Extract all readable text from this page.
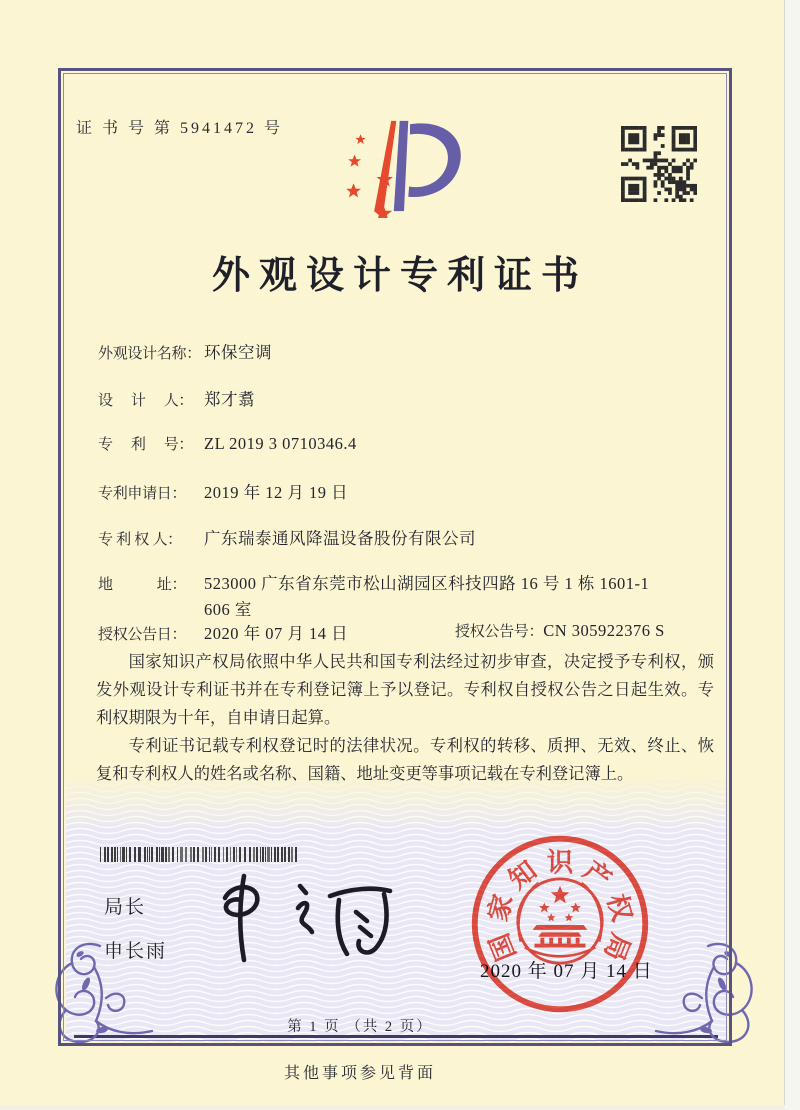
证 书 号 第 5941472 号
外观设计专利证书
外观设计名称： 环保空调
设　 计　 人： 郑才翥
专　 利　 号： ZL 2019 3 0710346.4
专利申请日： 2019 年 12 月 19 日
专 利 权 人： 广东瑞泰通风降温设备股份有限公司
地　　　址： 523000 广东省东莞市松山湖园区科技四路 16 号 1 栋 1601-1
606 室
授权公告日： 2020 年 07 月 14 日	授权公告号：CN 305922376 S

国家知识产权局依照中华人民共和国专利法经过初步审查，决定授予专利权，颁发外观设计专利证书并在专利登记簿上予以登记。专利权自授权公告之日起生效。专利权期限为十年，自申请日起算。

专利证书记载专利权登记时的法律状况。专利权的转移、质押、无效、终止、恢复和专利权人的姓名或名称、国籍、地址变更等事项记载在专利登记簿上。

局长
申长雨	国
家
知 识 产
权
局
2020 年 07 月 14 日
第 1 页 （共 2 页）
其他事项参见背面
